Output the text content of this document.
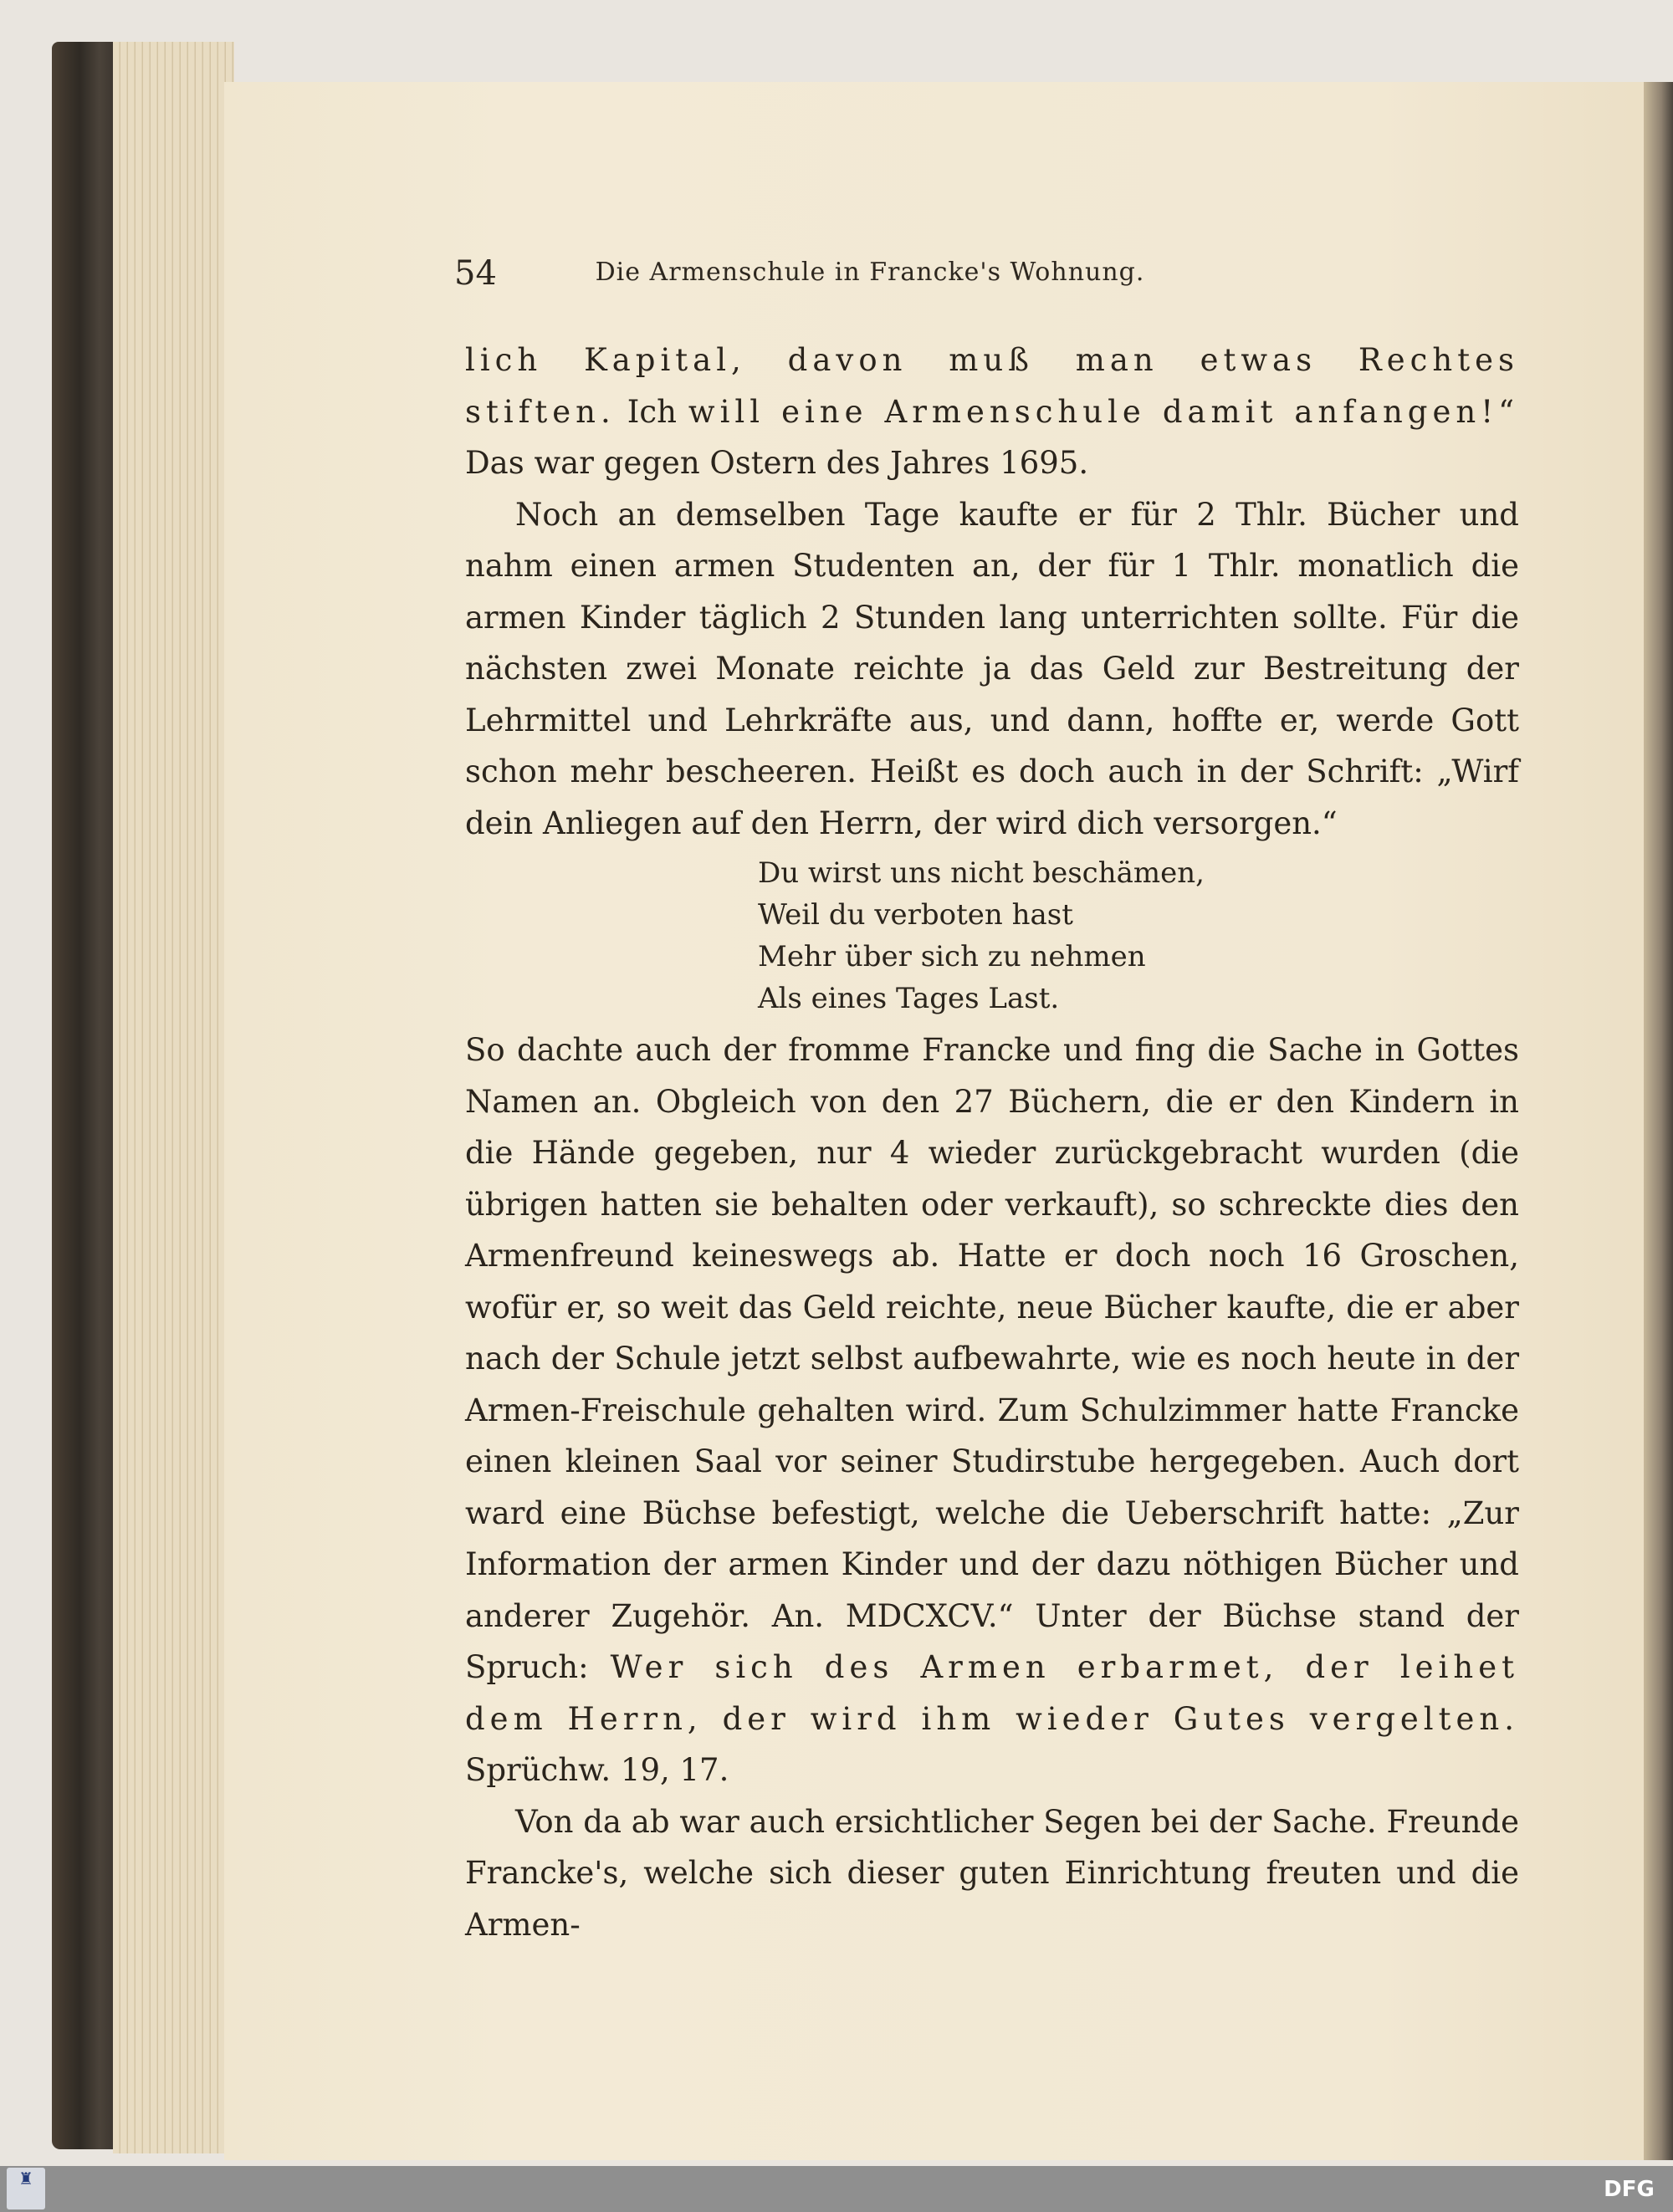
54	Die Armenschule in Francke's Wohnung.

lich Kapital, davon muß man etwas Rechtes stiften. Ich will eine Armenschule damit anfangen!“ Das war gegen Ostern des Jahres 1695.

Noch an demselben Tage kaufte er für 2 Thlr. Bücher und nahm einen armen Studenten an, der für 1 Thlr. monatlich die armen Kinder täglich 2 Stunden lang unterrichten sollte. Für die nächsten zwei Monate reichte ja das Geld zur Bestreitung der Lehrmittel und Lehrkräfte aus, und dann, hoffte er, werde Gott schon mehr bescheeren. Heißt es doch auch in der Schrift: „Wirf dein Anliegen auf den Herrn, der wird dich versorgen.“

Du wirst uns nicht beschämen,
Weil du verboten hast
Mehr über sich zu nehmen
Als eines Tages Last.

So dachte auch der fromme Francke und fing die Sache in Gottes Namen an. Obgleich von den 27 Büchern, die er den Kindern in die Hände gegeben, nur 4 wieder zurückgebracht wurden (die übrigen hatten sie behalten oder verkauft), so schreckte dies den Armenfreund keineswegs ab. Hatte er doch noch 16 Groschen, wofür er, so weit das Geld reichte, neue Bücher kaufte, die er aber nach der Schule jetzt selbst aufbewahrte, wie es noch heute in der Armen-Freischule gehalten wird. Zum Schulzimmer hatte Francke einen kleinen Saal vor seiner Studirstube hergegeben. Auch dort ward eine Büchse befestigt, welche die Ueberschrift hatte: „Zur Information der armen Kinder und der dazu nöthigen Bücher und anderer Zugehör. An. MDCXCV.“ Unter der Büchse stand der Spruch: Wer sich des Armen erbarmet, der leihet dem Herrn, der wird ihm wieder Gutes vergelten. Sprüchw. 19, 17.

Von da ab war auch ersichtlicher Segen bei der Sache. Freunde Francke's, welche sich dieser guten Einrichtung freuten und die Armen-

♜	DFG
